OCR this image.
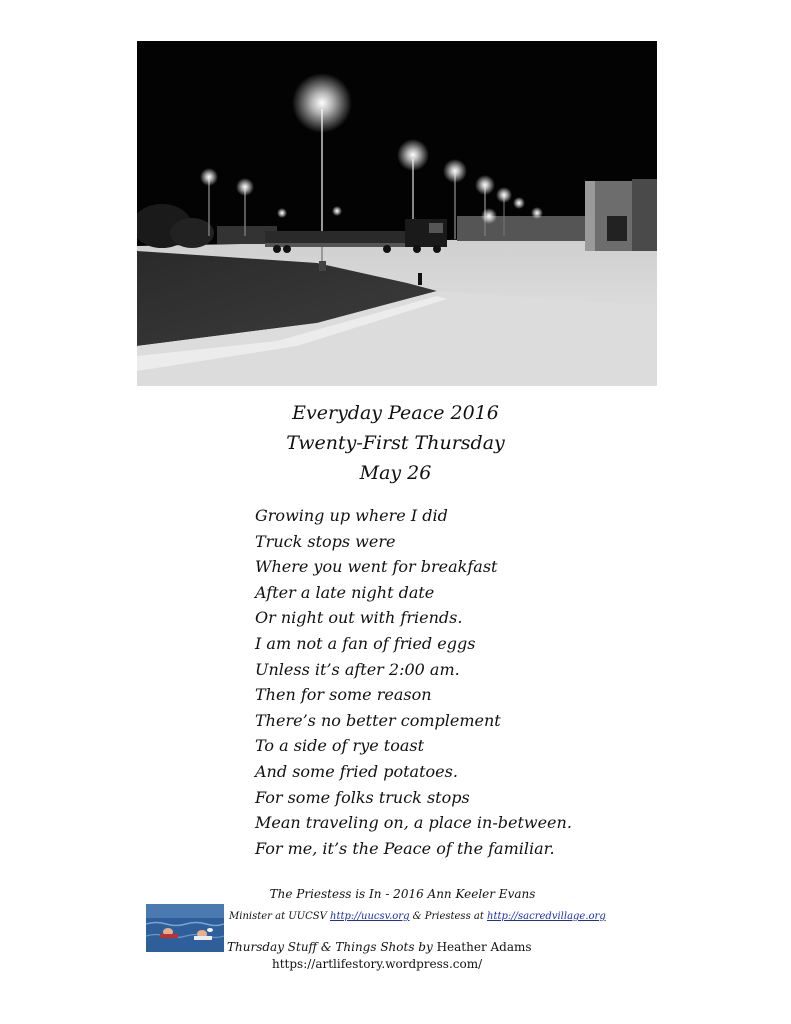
Everyday Peace 2016
Twenty-First Thursday
May 26
Growing up where I did
Truck stops were
Where you went for breakfast
After a late night date
Or night out with friends.
I am not a fan of fried eggs
Unless it’s after 2:00 am.
Then for some reason
There’s no better complement
To a side of rye toast
And some fried potatoes.
For some folks truck stops
Mean traveling on, a place in-between.
For me, it’s the Peace of the familiar.
The Priestess is In - 2016 Ann Keeler Evans
Minister at UUCSV http://uucsv.org & Priestess at http://sacredvillage.org
Thursday Stuff & Things Shots by Heather Adams
https://artlifestory.wordpress.com/
